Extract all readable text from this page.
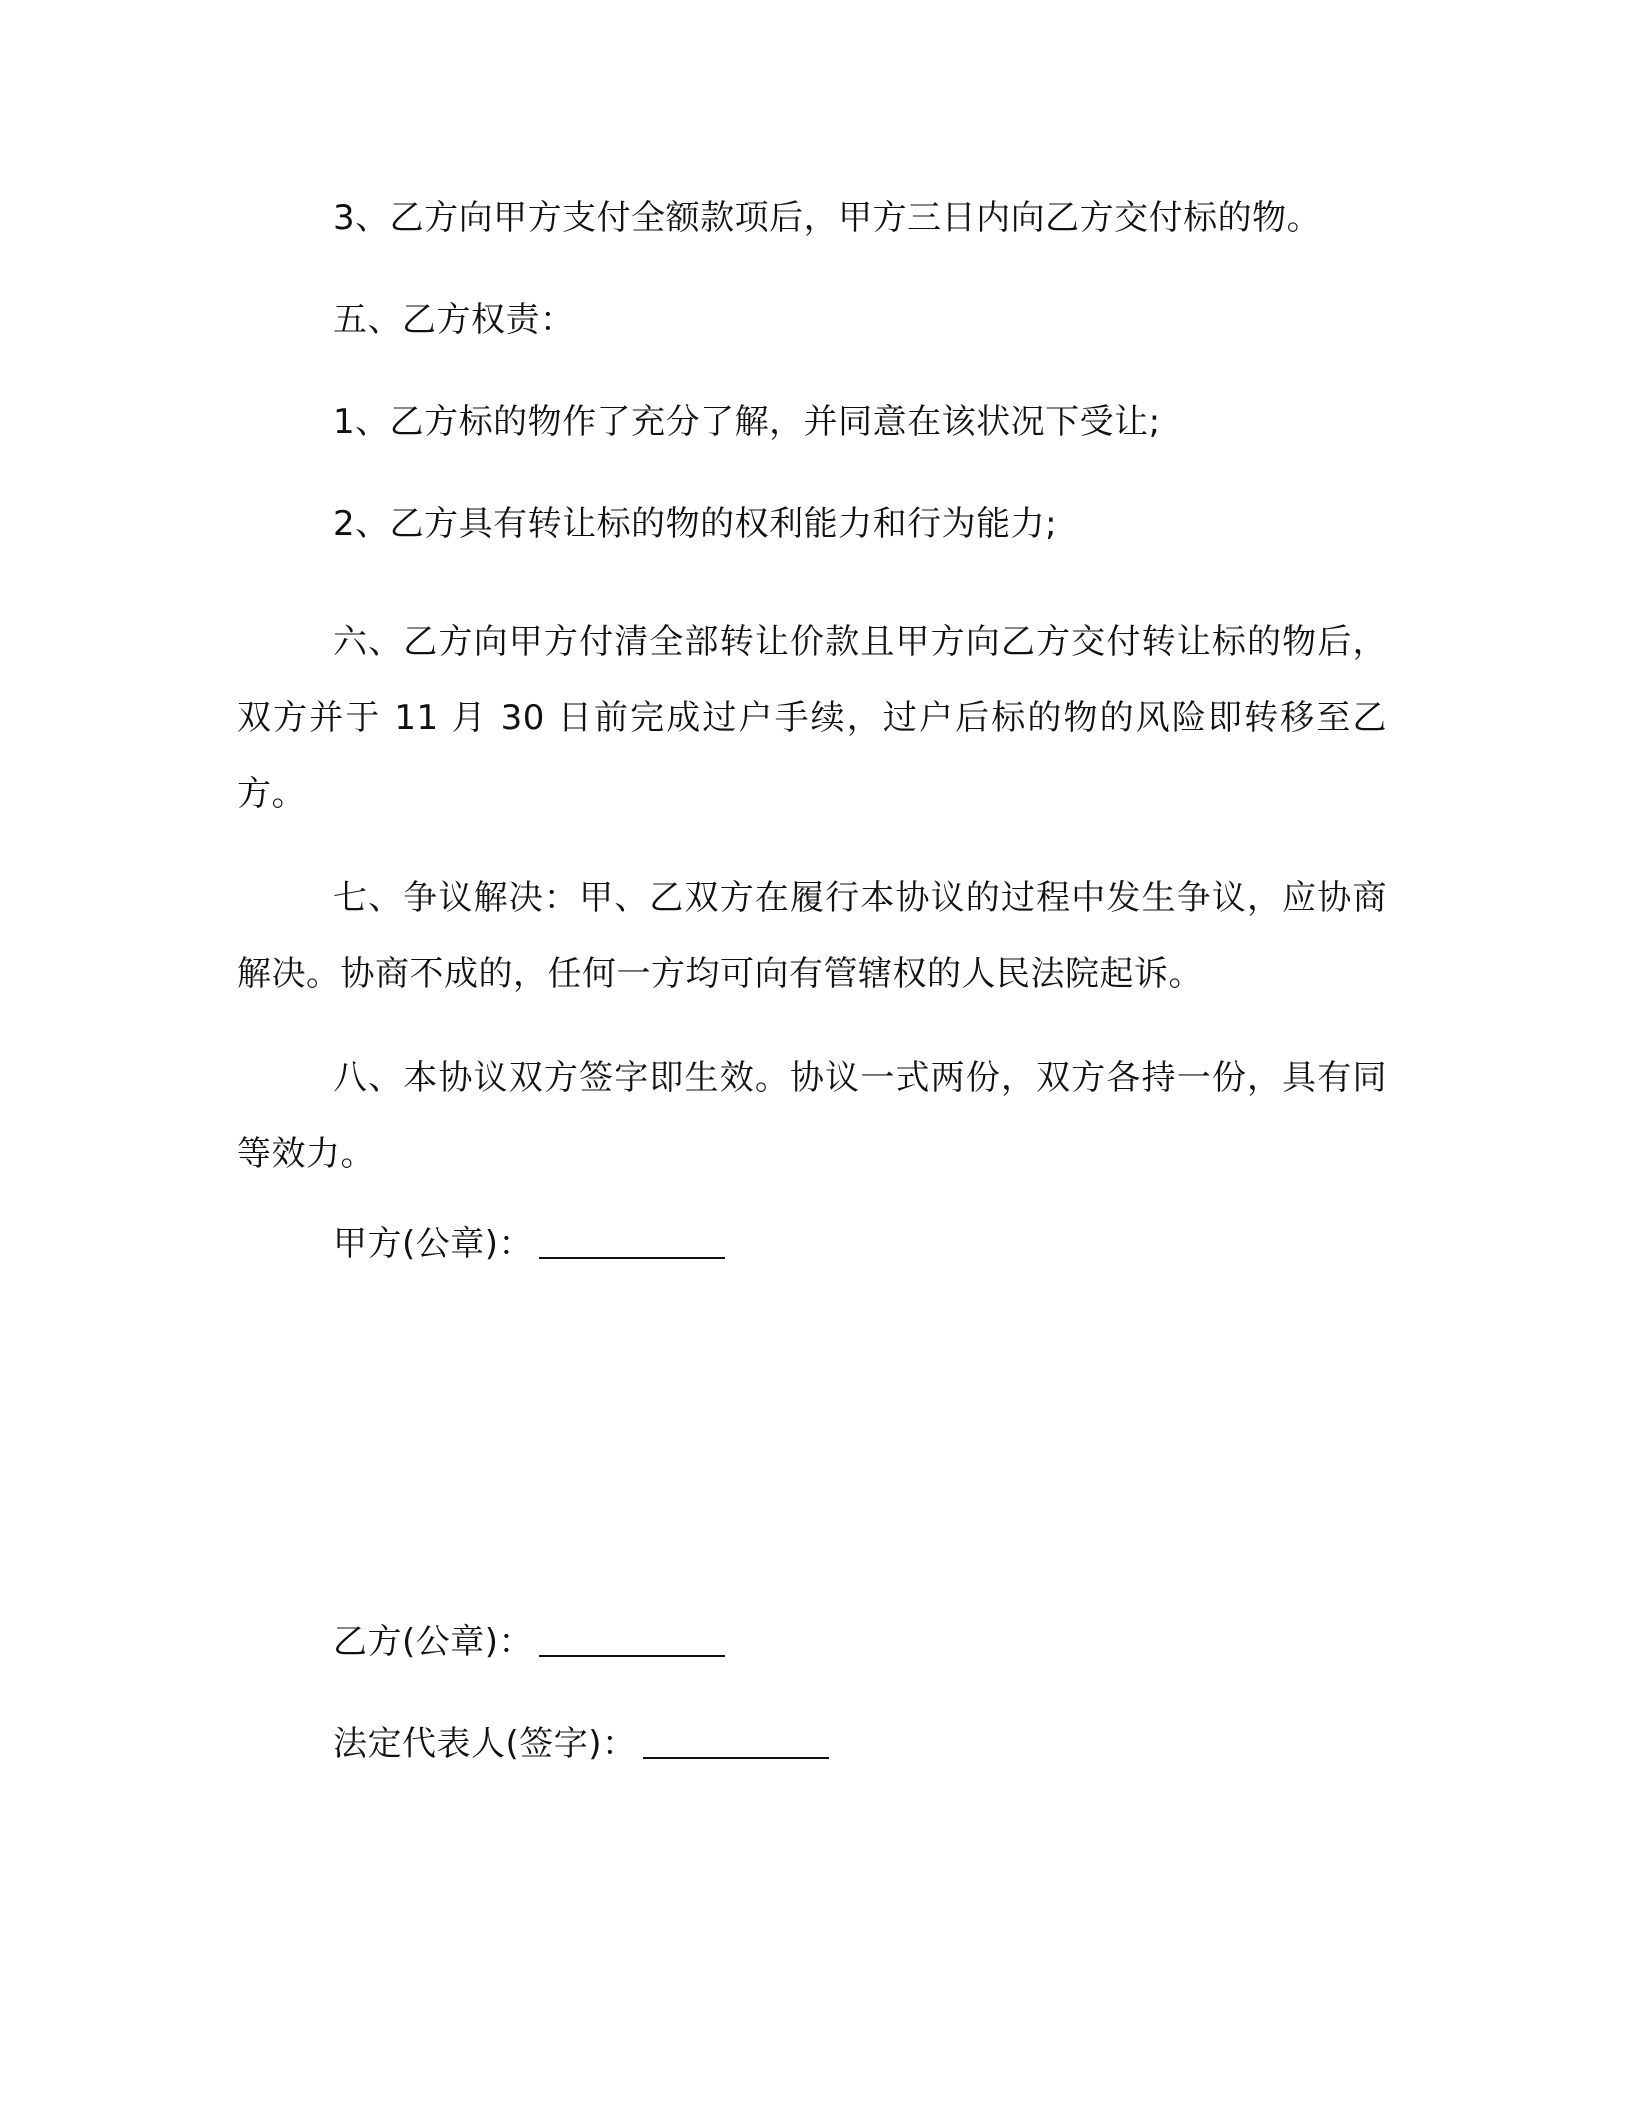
3、乙方向甲方支付全额款项后，甲方三日内向乙方交付标的物。
五、乙方权责：
1、乙方标的物作了充分了解，并同意在该状况下受让;
2、乙方具有转让标的物的权利能力和行为能力;
六、乙方向甲方付清全部转让价款且甲方向乙方交付转让标的物后，双方并于 11 月 30 日前完成过户手续，过户后标的物的风险即转移至乙方。
七、争议解决：甲、乙双方在履行本协议的过程中发生争议，应协商解决。协商不成的，任何一方均可向有管辖权的人民法院起诉。
八、本协议双方签字即生效。协议一式两份，双方各持一份，具有同等效力。
甲方(公章)：
乙方(公章)：
法定代表人(签字)：
